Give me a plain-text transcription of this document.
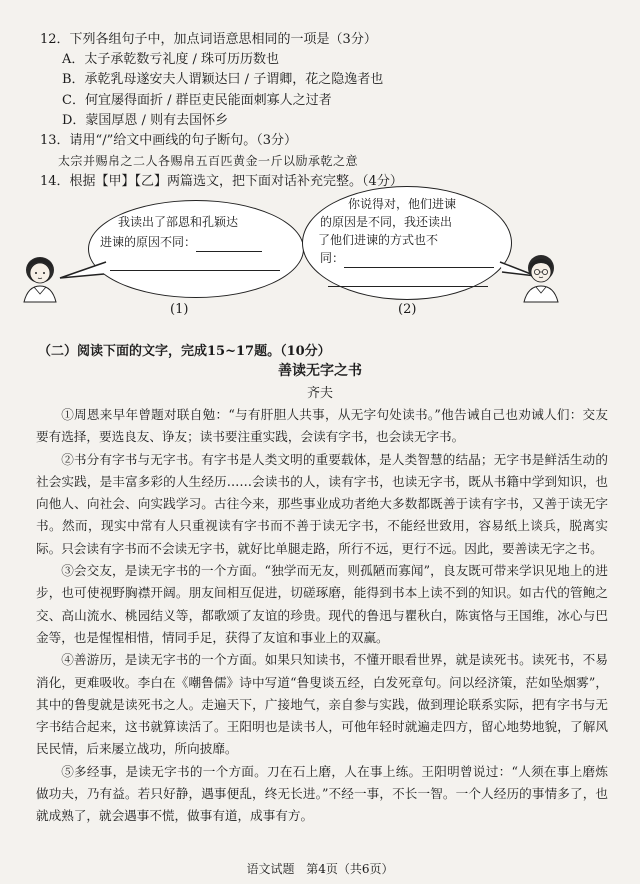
12．下列各组句子中，加点词语意思相同的一项是（3分）
A．太子承乾数亏礼度 / 珠可历历数也
B．承乾乳母遂安夫人谓颖达曰 / 子谓卿，花之隐逸者也
C．何宜屡得面折 / 群臣吏民能面刺寡人之过者
D．蒙国厚恩 / 则有去国怀乡
13．请用“/”给文中画线的句子断句。（3分）
太宗并赐帛之二人各赐帛五百匹黄金一斤以励承乾之意
14．根据【甲】【乙】两篇选文，把下面对话补充完整。（4分）
我读出了部恩和孔颖达
进谏的原因不同：
(1)
你说得对，他们进谏
的原因是不同，我还读出
了他们进谏的方式也不
同：
(2)
（二）阅读下面的文字，完成15~17题。（10分）
善读无字之书
齐夫

①周恩来早年曾题对联自勉：“与有肝胆人共事，从无字句处读书。”他告诫自己也劝诫人们：交友要有选择，要选良友、诤友；读书要注重实践，会读有字书，也会读无字书。

②书分有字书与无字书。有字书是人类文明的重要载体，是人类智慧的结晶；无字书是鲜活生动的社会实践，是丰富多彩的人生经历……会读书的人，读有字书，也读无字书，既从书籍中学到知识，也向他人、向社会、向实践学习。古往今来，那些事业成功者绝大多数都既善于读有字书，又善于读无字书。然而，现实中常有人只重视读有字书而不善于读无字书，不能经世致用，容易纸上谈兵，脱离实际。只会读有字书而不会读无字书，就好比单腿走路，所行不远，更行不远。因此，要善读无字之书。

③会交友，是读无字书的一个方面。“独学而无友，则孤陋而寡闻”，良友既可带来学识见地上的进步，也可使视野胸襟开阔。朋友间相互促进，切磋琢磨，能得到书本上读不到的知识。如古代的管鲍之交、高山流水、桃园结义等，都歌颂了友谊的珍贵。现代的鲁迅与瞿秋白，陈寅恪与王国维，冰心与巴金等，也是惺惺相惜，情同手足，获得了友谊和事业上的双赢。

④善游历，是读无字书的一个方面。如果只知读书，不懂开眼看世界，就是读死书。读死书，不易消化，更难吸收。李白在《嘲鲁儒》诗中写道“鲁叟谈五经，白发死章句。问以经济策，茫如坠烟雾”，其中的鲁叟就是读死书之人。走遍天下，广接地气，亲自参与实践，做到理论联系实际，把有字书与无字书结合起来，这书就算读活了。王阳明也是读书人，可他年轻时就遍走四方，留心地势地貌，了解风民民情，后来屡立战功，所向披靡。

⑤多经事，是读无字书的一个方面。刀在石上磨，人在事上练。王阳明曾说过：“人须在事上磨炼做功夫，乃有益。若只好静，遇事便乱，终无长进。”不经一事，不长一智。一个人经历的事情多了，也就成熟了，就会遇事不慌，做事有道，成事有方。

语文试题 第4页（共6页）
